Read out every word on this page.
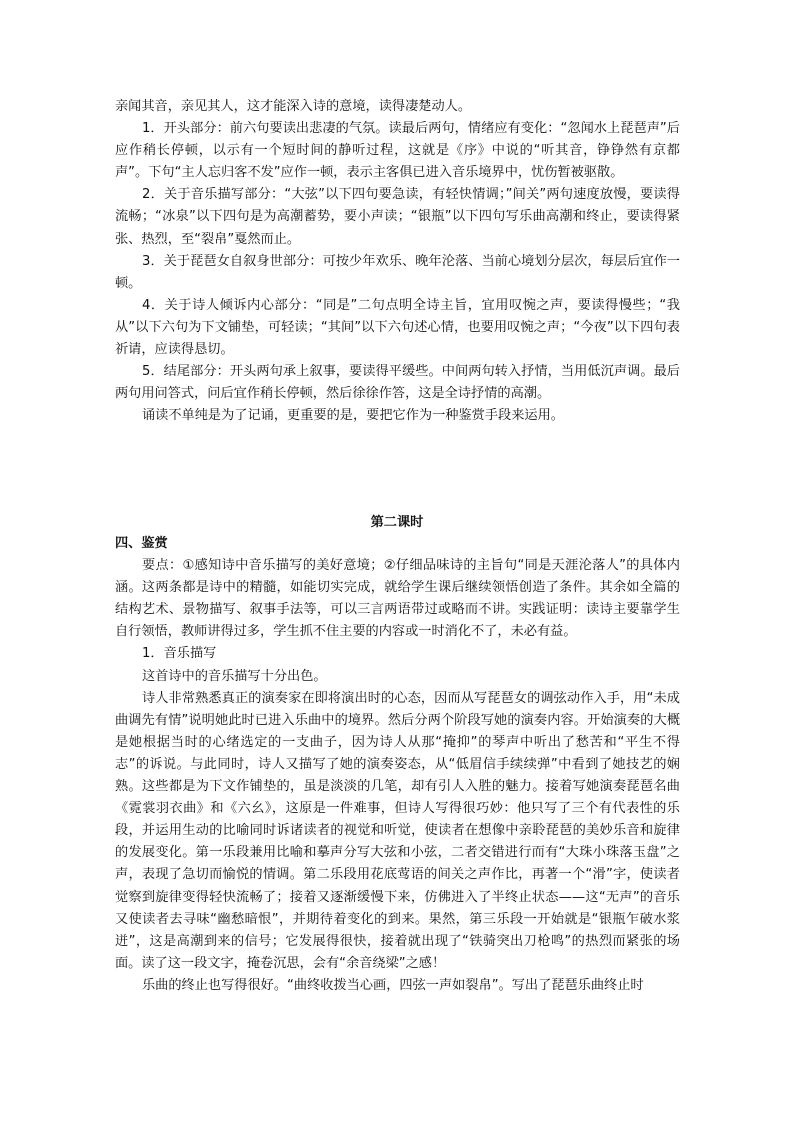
亲闻其音，亲见其人，这才能深入诗的意境，读得凄楚动人。

1．开头部分：前六句要读出悲凄的气氛。读最后两句，情绪应有变化：“忽闻水上琵琶声”后应作稍长停顿，以示有一个短时间的静听过程，这就是《序》中说的“听其音，铮铮然有京都声”。下句“主人忘归客不发”应作一顿，表示主客俱已进入音乐境界中，忧伤暂被驱散。

2．关于音乐描写部分：“大弦”以下四句要急读，有轻快情调；”间关”两句速度放慢，要读得流畅；“冰泉”以下四句是为高潮蓄势，要小声读；“银瓶”以下四句写乐曲高潮和终止，要读得紧张、热烈，至“裂帛”戛然而止。

3．关于琵琶女自叙身世部分：可按少年欢乐、晚年沦落、当前心境划分层次，每层后宜作一顿。

4．关于诗人倾诉内心部分：“同是”二句点明全诗主旨，宜用叹惋之声，要读得慢些；“我从”以下六句为下文铺垫，可轻读；“其间”以下六句述心情，也要用叹惋之声；“今夜”以下四句表祈请，应读得恳切。

5．结尾部分：开头两句承上叙事，要读得平缓些。中间两句转入抒情，当用低沉声调。最后两句用问答式，问后宜作稍长停顿，然后徐徐作答，这是全诗抒情的高潮。

诵读不单纯是为了记诵，更重要的是，要把它作为一种鉴赏手段来运用。

第二课时

四、鉴赏

要点：①感知诗中音乐描写的美好意境；②仔细品味诗的主旨句“同是天涯沦落人”的具体内涵。这两条都是诗中的精髓，如能切实完成，就给学生课后继续领悟创造了条件。其余如全篇的结构艺术、景物描写、叙事手法等，可以三言两语带过或略而不讲。实践证明：读诗主要靠学生自行领悟，教师讲得过多，学生抓不住主要的内容或一时消化不了，未必有益。

1．音乐描写

这首诗中的音乐描写十分出色。

诗人非常熟悉真正的演奏家在即将演出时的心态，因而从写琵琶女的调弦动作入手，用“未成曲调先有情”说明她此时已进入乐曲中的境界。然后分两个阶段写她的演奏内容。开始演奏的大概是她根据当时的心绪选定的一支曲子，因为诗人从那“掩抑”的琴声中听出了愁苦和“平生不得志”的诉说。与此同时，诗人又描写了她的演奏姿态，从“低眉信手续续弹”中看到了她技艺的娴熟。这些都是为下文作铺垫的，虽是淡淡的几笔，却有引人入胜的魅力。接着写她演奏琵琶名曲《霓裳羽衣曲》和《六幺》，这原是一件难事，但诗人写得很巧妙：他只写了三个有代表性的乐段，并运用生动的比喻同时诉诸读者的视觉和听觉，使读者在想像中亲聆琵琶的美妙乐音和旋律的发展变化。第一乐段兼用比喻和摹声分写大弦和小弦，二者交错进行而有“大珠小珠落玉盘”之声，表现了急切而愉悦的情调。第二乐段用花底莺语的间关之声作比，再著一个“滑”字，使读者觉察到旋律变得轻快流畅了；接着又逐渐缓慢下来，仿佛进入了半终止状态——这“无声”的音乐又使读者去寻味“幽愁暗恨”，并期待着变化的到来。果然，第三乐段一开始就是“银瓶乍破水浆迸”，这是高潮到来的信号；它发展得很快，接着就出现了“铁骑突出刀枪鸣”的热烈而紧张的场面。读了这一段文字，掩卷沉思，会有“余音绕梁”之感！

乐曲的终止也写得很好。“曲终收拨当心画，四弦一声如裂帛”。写出了琵琶乐曲终止时
